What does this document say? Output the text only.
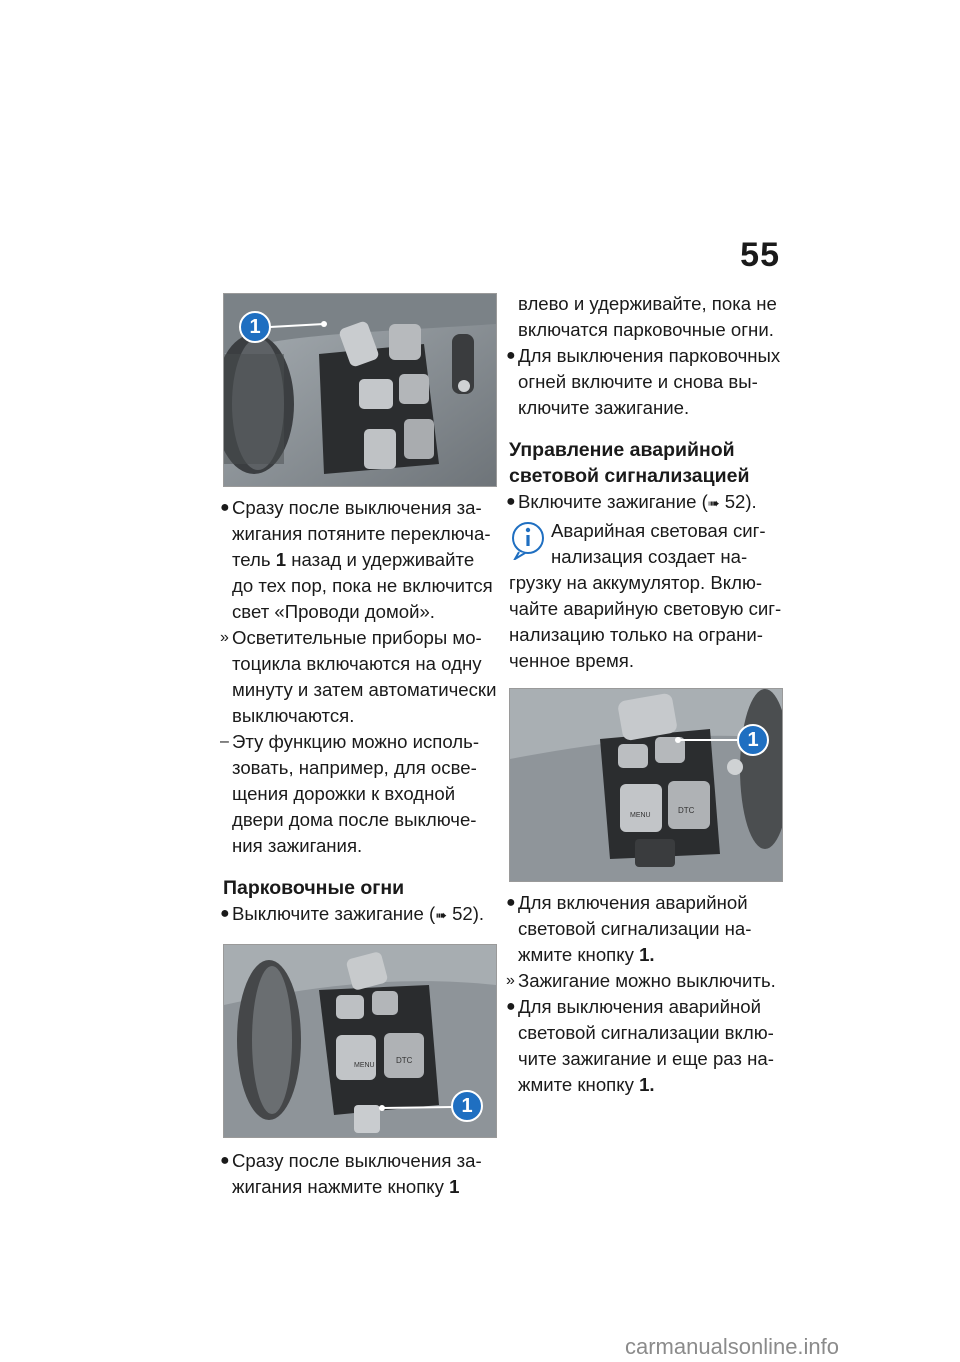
55
1

● Сразу после выключения за-

жигания потяните переключа-

тель 1 назад и удерживайте

до тех пор, пока не включится

свет «Проводи домой».

» Осветительные приборы мо-

тоцикла включаются на одну

минуту и затем автоматически

выключаются.

– Эту функцию можно исполь-

зовать, например, для осве-

щения дорожки к входной

двери дома после выключе-

ния зажигания.

Парковочные огни

● Выключите зажигание (➠ 52).

MENU
DTC
1

● Сразу после выключения за-

жигания нажмите кнопку 1

влево и удерживайте, пока не

включатся парковочные огни.

● Для выключения парковочных

огней включите и снова вы-

ключите зажигание.

Управление аварийной

световой сигнализацией

● Включите зажигание (➠ 52).

Аварийная световая сиг-

нализация создает на-

грузку на аккумулятор. Вклю-

чайте аварийную световую сиг-

нализацию только на ограни-

ченное время.

MENU
DTC
1

● Для включения аварийной

световой сигнализации на-

жмите кнопку 1.

» Зажигание можно выключить.

● Для выключения аварийной

световой сигнализации вклю-

чите зажигание и еще раз на-

жмите кнопку 1.

carmanualsonline.info
